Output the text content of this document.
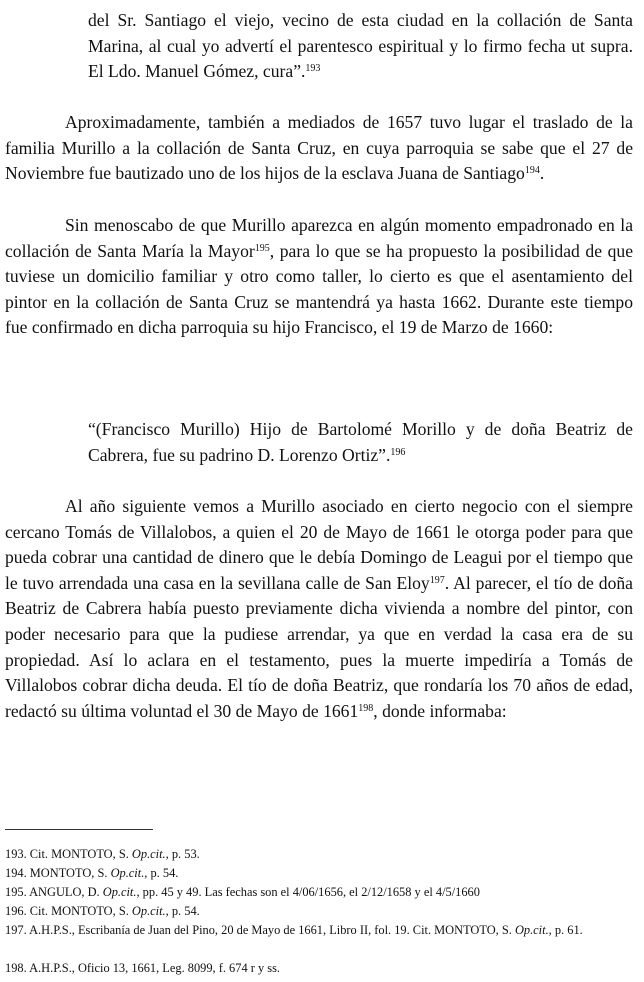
del Sr. Santiago el viejo, vecino de esta ciudad en la collación de Santa Marina, al cual yo advertí el parentesco espiritual y lo firmo fecha ut supra. El Ldo. Manuel Gómez, cura”.$^{193}$

Aproximadamente, también a mediados de 1657 tuvo lugar el traslado de la familia Murillo a la collación de Santa Cruz, en cuya parroquia se sabe que el 27 de Noviembre fue bautizado uno de los hijos de la esclava Juana de Santiago$^{194}$.

Sin menoscabo de que Murillo aparezca en algún momento empadronado en la collación de Santa María la Mayor$^{195}$, para lo que se ha propuesto la posibilidad de que tuviese un domicilio familiar y otro como taller, lo cierto es que el asentamiento del pintor en la collación de Santa Cruz se mantendrá ya hasta 1662. Durante este tiempo fue confirmado en dicha parroquia su hijo Francisco, el 19 de Marzo de 1660:

“(Francisco Murillo) Hijo de Bartolomé Morillo y de doña Beatriz de Cabrera, fue su padrino D. Lorenzo Ortiz”.$^{196}$

Al año siguiente vemos a Murillo asociado en cierto negocio con el siempre cercano Tomás de Villalobos, a quien el 20 de Mayo de 1661 le otorga poder para que pueda cobrar una cantidad de dinero que le debía Domingo de Leagui por el tiempo que le tuvo arrendada una casa en la sevillana calle de San Eloy$^{197}$. Al parecer, el tío de doña Beatriz de Cabrera había puesto previamente dicha vivienda a nombre del pintor, con poder necesario para que la pudiese arrendar, ya que en verdad la casa era de su propiedad. Así lo aclara en el testamento, pues la muerte impediría a Tomás de Villalobos cobrar dicha deuda. El tío de doña Beatriz, que rondaría los 70 años de edad, redactó su última voluntad el 30 de Mayo de 1661$^{198}$, donde informaba:

193. Cit. MONTOTO, S. Op.cit., p. 53.

194. MONTOTO, S. Op.cit., p. 54.

195. ANGULO, D. Op.cit., pp. 45 y 49. Las fechas son el 4/06/1656, el 2/12/1658 y el 4/5/1660

196. Cit. MONTOTO, S. Op.cit., p. 54.

197. A.H.P.S., Escribanía de Juan del Pino, 20 de Mayo de 1661, Libro II, fol. 19. Cit. MONTOTO, S. Op.cit., p. 61.

198. A.H.P.S., Oficio 13, 1661, Leg. 8099, f. 674 r y ss.
